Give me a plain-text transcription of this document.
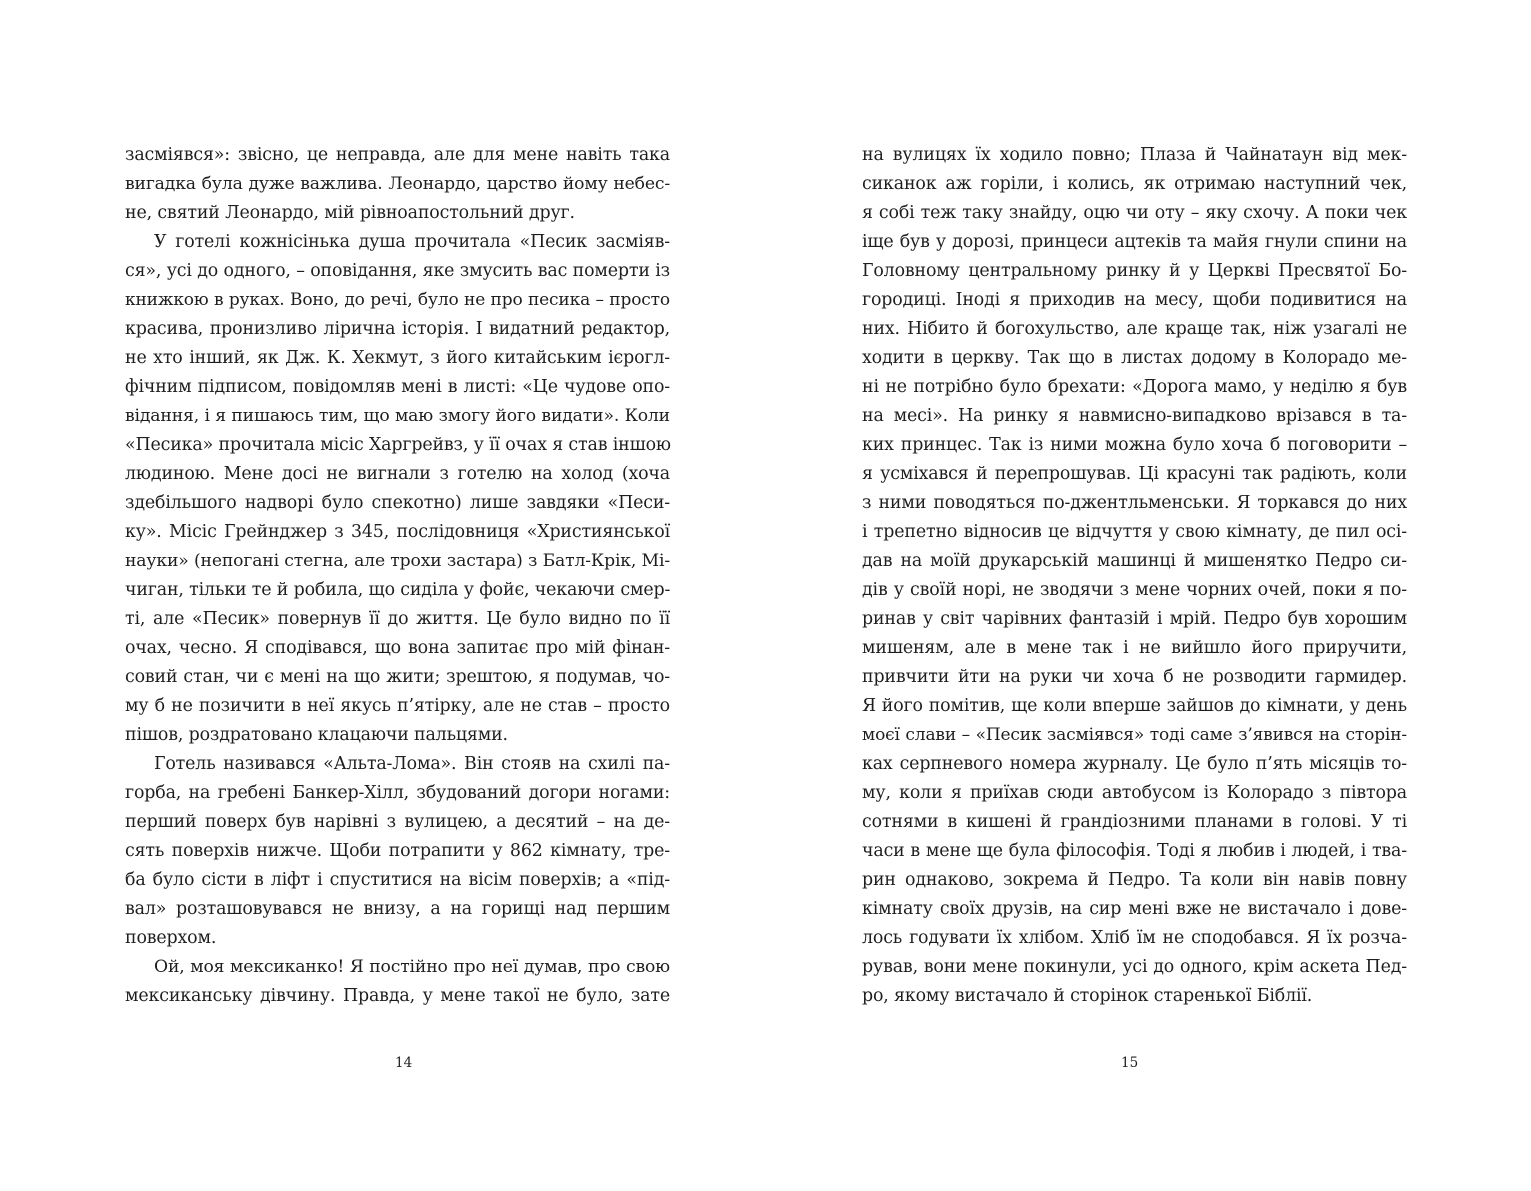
засміявся»: звісно, це неправда, але для мене навіть така
вигадка була дуже важлива. Леонардо, царство йому небес-
не, святий Леонардо, мій рівноапостольний друг.
У готелі кожнісінька душа прочитала «Песик засміяв-
ся», усі до одного, – оповідання, яке змусить вас померти із
книжкою в руках. Воно, до речі, було не про песика – просто
красива, пронизливо лірична історія. І видатний редактор,
не хто інший, як Дж. К. Хекмут, з його китайським ієрогл-
фічним підписом, повідомляв мені в листі: «Це чудове опо-
відання, і я пишаюсь тим, що маю змогу його видати». Коли
«Песика» прочитала місіс Харгрейвз, у її очах я став іншою
людиною. Мене досі не вигнали з готелю на холод (хоча
здебільшого надворі було спекотно) лише завдяки «Песи-
ку». Місіс Грейнджер з 345, послідовниця «Християнської
науки» (непогані стегна, але трохи застара) з Батл-Крік, Мі-
чиган, тільки те й робила, що сиділа у фойє, чекаючи смер-
ті, але «Песик» повернув її до життя. Це було видно по її
очах, чесно. Я сподівався, що вона запитає про мій фінан-
совий стан, чи є мені на що жити; зрештою, я подумав, чо-
му б не позичити в неї якусь п’ятірку, але не став – просто
пішов, роздратовано клацаючи пальцями.
Готель називався «Альта-Лома». Він стояв на схилі па-
горба, на гребені Банкер-Хілл, збудований догори ногами:
перший поверх був нарівні з вулицею, а десятий – на де-
сять поверхів нижче. Щоби потрапити у 862 кімнату, тре-
ба було сісти в ліфт і спуститися на вісім поверхів; а «під-
вал» розташовувався не внизу, а на горищі над першим
поверхом.
Ой, моя мексиканко! Я постійно про неї думав, про свою
мексиканську дівчину. Правда, у мене такої не було, зате
14
на вулицях їх ходило повно; Плаза й Чайнатаун від мек-
сиканок аж горіли, і колись, як отримаю наступний чек,
я собі теж таку знайду, оцю чи оту – яку схочу. А поки чек
іще був у дорозі, принцеси ацтеків та майя гнули спини на
Головному центральному ринку й у Церкві Пресвятої Бо-
городиці. Іноді я приходив на месу, щоби подивитися на
них. Нібито й богохульство, але краще так, ніж узагалі не
ходити в церкву. Так що в листах додому в Колорадо ме-
ні не потрібно було брехати: «Дорога мамо, у неділю я був
на месі». На ринку я навмисно-випадково врізався в та-
ких принцес. Так із ними можна було хоча б поговорити –
я усміхався й перепрошував. Ці красуні так радіють, коли
з ними поводяться по-джентльменськи. Я торкався до них
і трепетно відносив це відчуття у свою кімнату, де пил осі-
дав на моїй друкарській машинці й мишенятко Педро си-
дів у своїй норі, не зводячи з мене чорних очей, поки я по-
ринав у світ чарівних фантазій і мрій. Педро був хорошим
мишеням, але в мене так і не вийшло його приручити,
привчити йти на руки чи хоча б не розводити гармидер.
Я його помітив, ще коли вперше зайшов до кімнати, у день
моєї слави – «Песик засміявся» тоді саме з’явився на сторін-
ках серпневого номера журналу. Це було п’ять місяців то-
му, коли я приїхав сюди автобусом із Колорадо з півтора
сотнями в кишені й грандіозними планами в голові. У ті
часи в мене ще була філософія. Тоді я любив і людей, і тва-
рин однаково, зокрема й Педро. Та коли він навів повну
кімнату своїх друзів, на сир мені вже не вистачало і дове-
лось годувати їх хлібом. Хліб їм не сподобався. Я їх розча-
рував, вони мене покинули, усі до одного, крім аскета Пед-
ро, якому вистачало й сторінок старенької Біблії.
15
